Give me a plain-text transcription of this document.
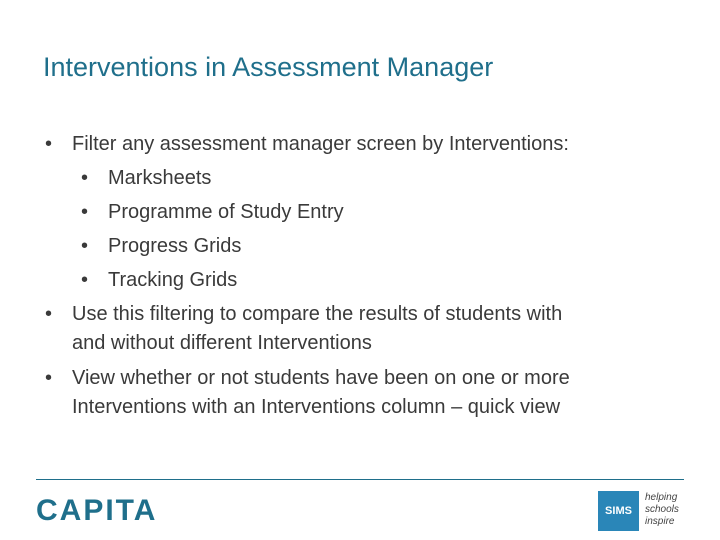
Interventions in Assessment Manager
• Filter any assessment manager screen by Interventions:
• Marksheets
• Programme of Study Entry
• Progress Grids
• Tracking Grids
• Use this filtering to compare the results of students with
and without different Interventions
• View whether or not students have been on one or more
Interventions with an Interventions column – quick view
CAPITA	SIMS
helping
schools
inspire
